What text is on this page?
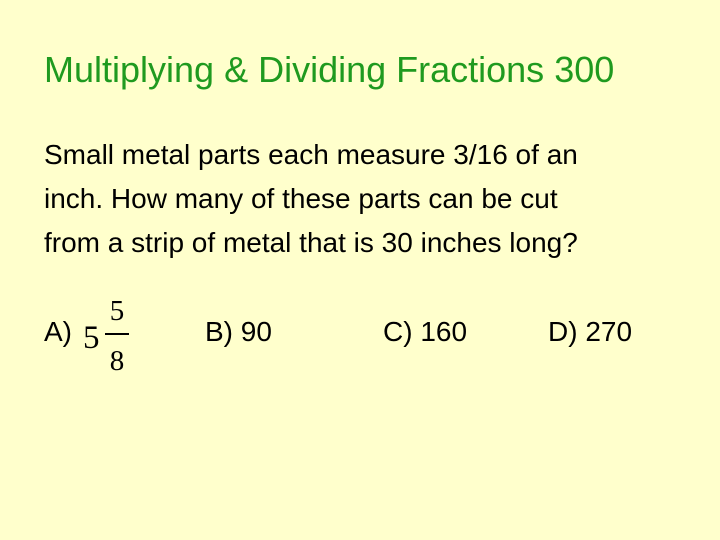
Multiplying & Dividing Fractions 300
Small metal parts each measure 3/16 of an
inch. How many of these parts can be cut
from a strip of metal that is 30 inches long?
A) 5
5
8
B) 90	C) 160	D) 270
